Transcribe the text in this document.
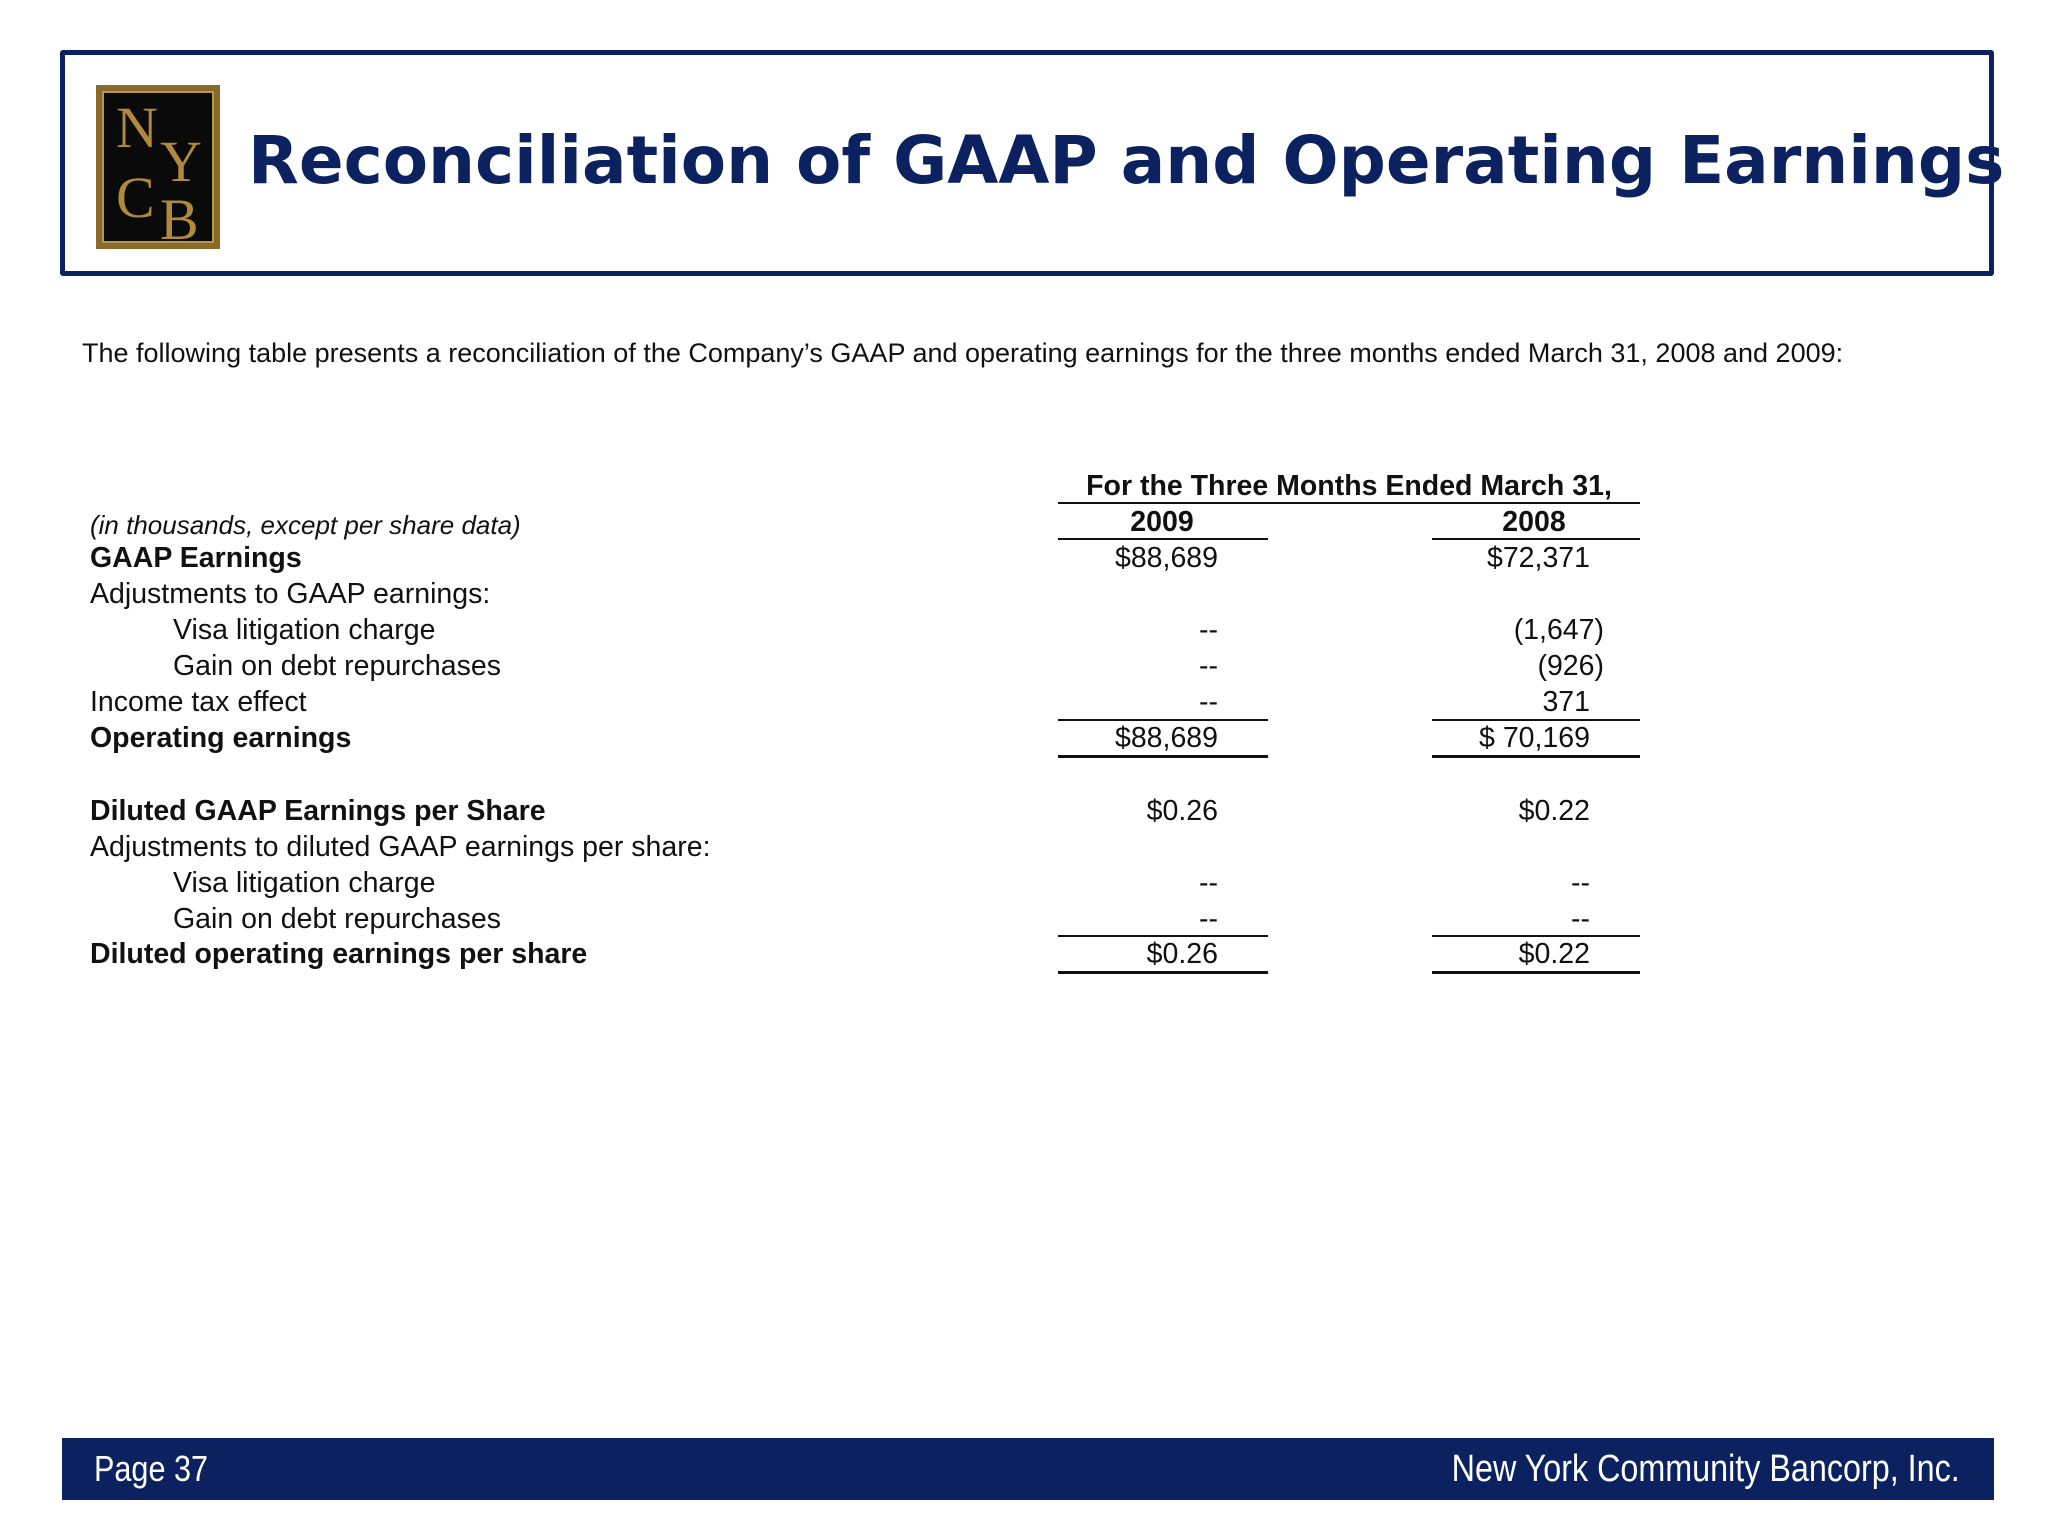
N
Y
C B
Reconciliation of GAAP and Operating Earnings
The following table presents a reconciliation of the Company’s GAAP and operating earnings for the three months ended March 31, 2008 and 2009:
For the Three Months Ended March 31,
(in thousands, except per share data)	2009	2008
GAAP Earnings	$88,689	$72,371
Adjustments to GAAP earnings:
Visa litigation charge	--	(1,647)
Gain on debt repurchases	--	(926)
Income tax effect	--	371
Operating earnings	$88,689	$ 70,169
Diluted GAAP Earnings per Share	$0.26	$0.22
Adjustments to diluted GAAP earnings per share:
Visa litigation charge	--	--
Gain on debt repurchases	--	--
Diluted operating earnings per share	$0.26	$0.22
Page 37	New York Community Bancorp, Inc.
